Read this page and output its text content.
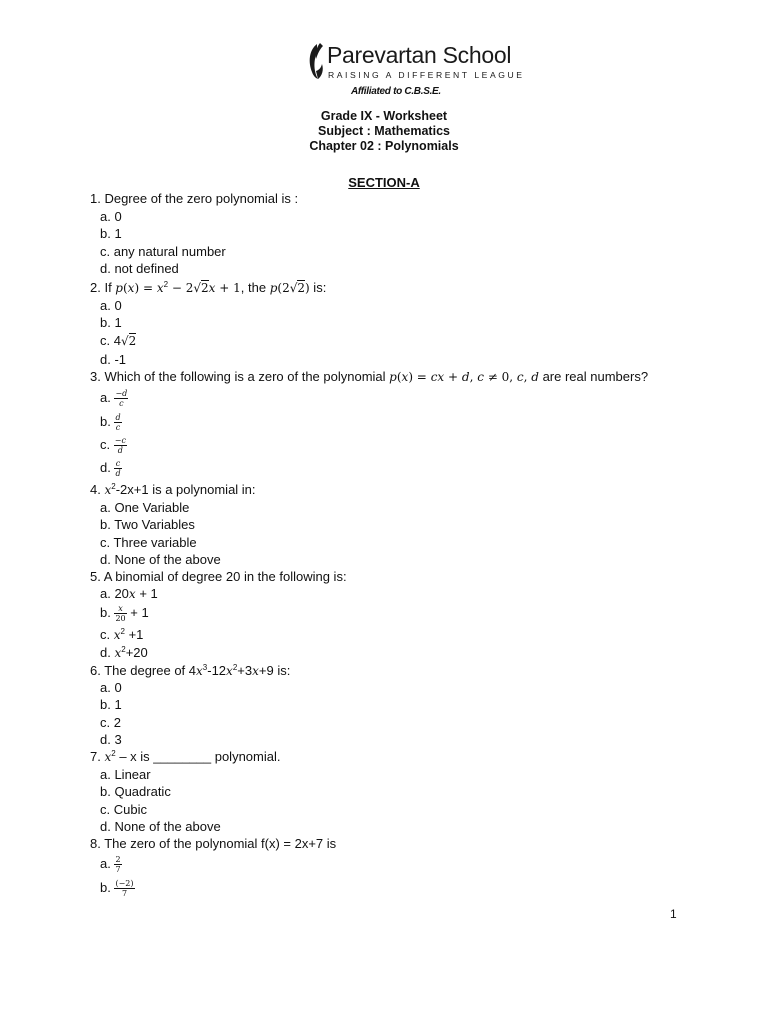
Parevartan School
RAISING A DIFFERENT LEAGUE
Affiliated to C.B.S.E.
Grade IX - Worksheet
Subject : Mathematics
Chapter 02 : Polynomials
SECTION-A
1. Degree of the zero polynomial is :
a. 0
b. 1
c. any natural number
d. not defined
2. If $p(x) = x^2 - 2√2x + 1$, the p(2√2) is:
a. 0
b. 1
c. 4√2
d. -1
3. Which of the following is a zero of the polynomial p(x) = cx + d, c ≠ 0, c, d are real numbers?
a. $\frac{-d}{c}$
b. $\frac{d}{c}$
c. $\frac{-c}{d}$
d. $\frac{c}{d}$
4. $x^2-2x+1$ is a polynomial in:
a. One Variable
b. Two Variables
c. Three variable
d. None of the above
5. A binomial of degree 20 in the following is:
a. 20x + 1
b. $\frac{x}{20} + 1$
c. $x^2 +1$
d. $x^2+20$
6. The degree of $4x^3-12x^2+3x+9$ is:
a. 0
b. 1
c. 2
d. 3
7. $x^2$ – x is ________ polynomial.
a. Linear
b. Quadratic
c. Cubic
d. None of the above
8. The zero of the polynomial f(x) = 2x+7 is
a. $\frac{2}{7}$
b. $\frac{(-2)}{7}$
1
